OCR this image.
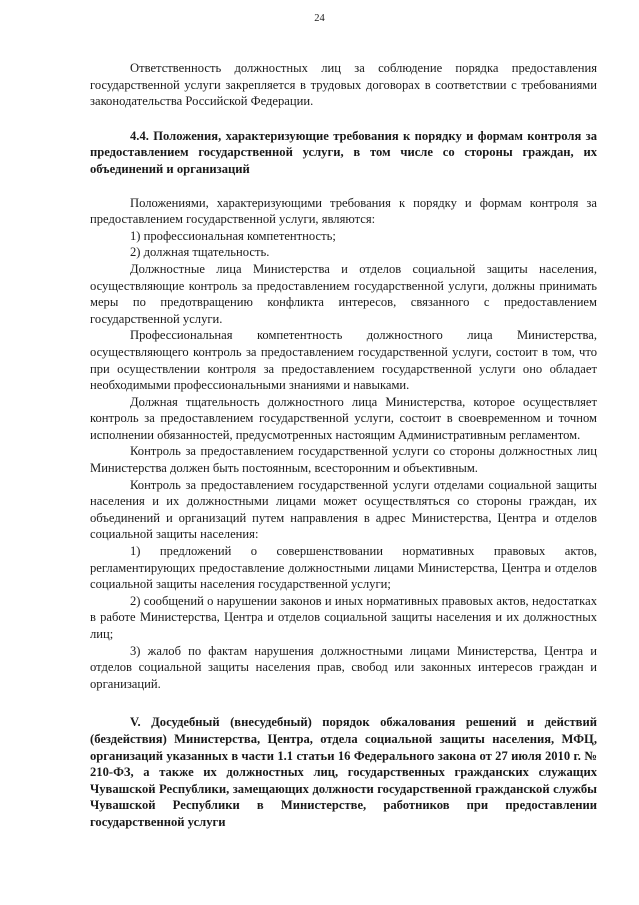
24

Ответственность должностных лиц за соблюдение порядка предоставления государственной услуги закрепляется в трудовых договорах в соответствии с требованиями законодательства Российской Федерации.

4.4. Положения, характеризующие требования к порядку и формам контроля за предоставлением государственной услуги, в том числе со стороны граждан, их объединений и организаций

Положениями, характеризующими требования к порядку и формам контроля за предоставлением государственной услуги, являются:

1) профессиональная компетентность;

2) должная тщательность.

Должностные лица Министерства и отделов социальной защиты населения, осуществляющие контроль за предоставлением государственной услуги, должны принимать меры по предотвращению конфликта интересов, связанного с предоставлением государственной услуги.

Профессиональная компетентность должностного лица Министерства, осуществляющего контроль за предоставлением государственной услуги, состоит в том, что при осуществлении контроля за предоставлением государственной услуги оно обладает необходимыми профессиональными знаниями и навыками.

Должная тщательность должностного лица Министерства, которое осуществляет контроль за предоставлением государственной услуги, состоит в своевременном и точном исполнении обязанностей, предусмотренных настоящим Административным регламентом.

Контроль за предоставлением государственной услуги со стороны должностных лиц Министерства должен быть постоянным, всесторонним и объективным.

Контроль за предоставлением государственной услуги отделами социальной защиты населения и их должностными лицами может осуществляться со стороны граждан, их объединений и организаций путем направления в адрес Министерства, Центра и отделов социальной защиты населения:

1) предложений о совершенствовании нормативных правовых актов, регламентирующих предоставление должностными лицами Министерства, Центра и отделов социальной защиты населения государственной услуги;

2) сообщений о нарушении законов и иных нормативных правовых актов, недостатках в работе Министерства, Центра и отделов социальной защиты населения и их должностных лиц;

3) жалоб по фактам нарушения должностными лицами Министерства, Центра и отделов социальной защиты населения прав, свобод или законных интересов граждан и организаций.

V. Досудебный (внесудебный) порядок обжалования решений и действий (бездействия) Министерства, Центра, отдела социальной защиты населения, МФЦ, организаций указанных в части 1.1 статьи 16 Федерального закона от 27 июля 2010 г. № 210-ФЗ, а также их должностных лиц, государственных гражданских служащих Чувашской Республики, замещающих должности государственной гражданской службы Чувашской Республики в Министерстве, работников при предоставлении государственной услуги
